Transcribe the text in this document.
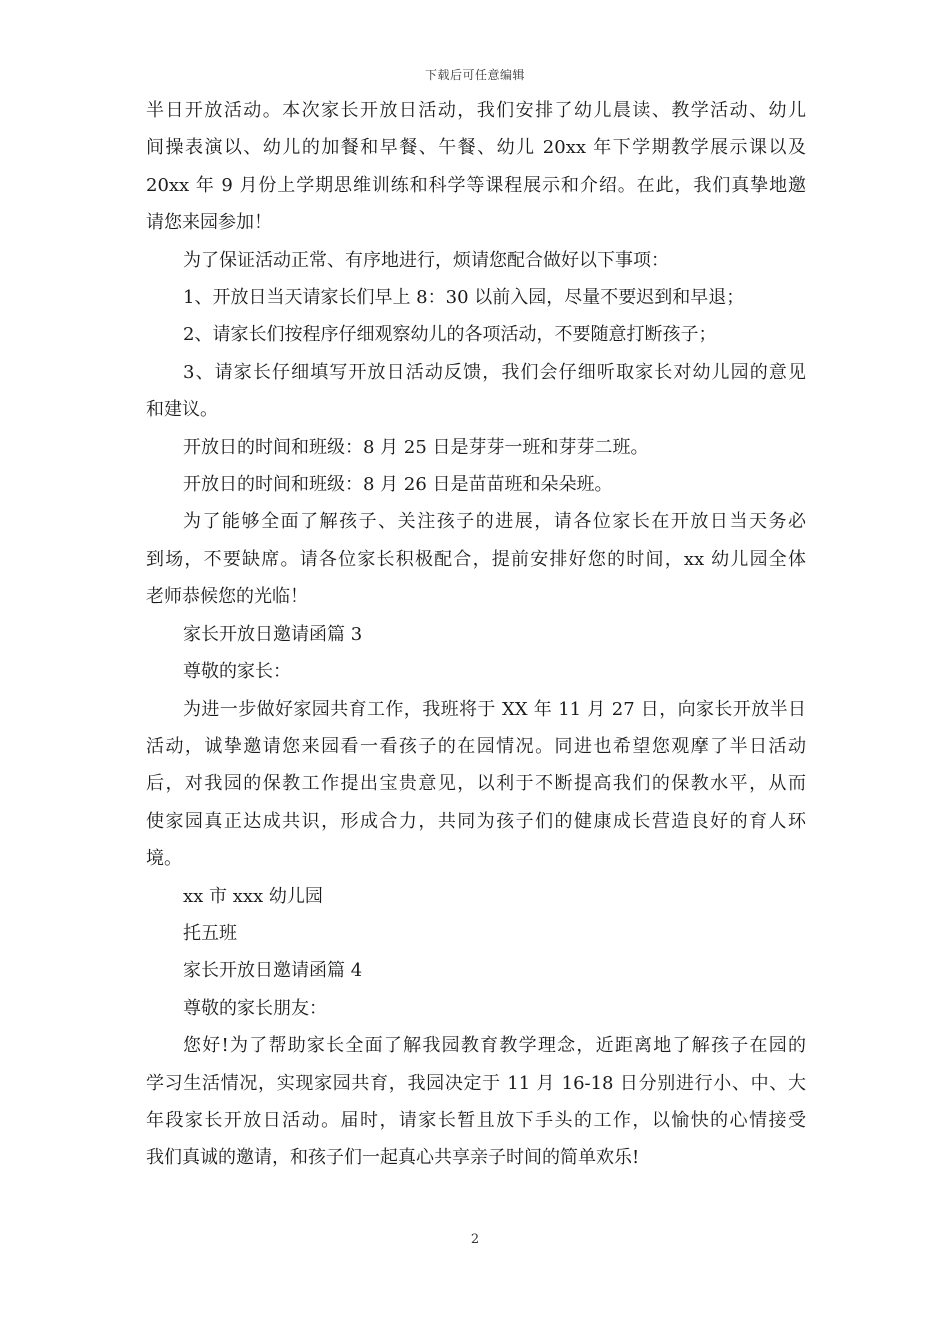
下载后可任意编辑
半日开放活动。本次家长开放日活动，我们安排了幼儿晨读、教学活动、幼儿
间操表演以、幼儿的加餐和早餐、午餐、幼儿 20xx 年下学期教学展示课以及
20xx 年 9 月份上学期思维训练和科学等课程展示和介绍。在此，我们真挚地邀
请您来园参加！
为了保证活动正常、有序地进行，烦请您配合做好以下事项：
1、开放日当天请家长们早上 8：30 以前入园，尽量不要迟到和早退；
2、请家长们按程序仔细观察幼儿的各项活动，不要随意打断孩子；
3、请家长仔细填写开放日活动反馈，我们会仔细听取家长对幼儿园的意见
和建议。
开放日的时间和班级：8 月 25 日是芽芽一班和芽芽二班。
开放日的时间和班级：8 月 26 日是苗苗班和朵朵班。
为了能够全面了解孩子、关注孩子的进展，请各位家长在开放日当天务必
到场，不要缺席。请各位家长积极配合，提前安排好您的时间，xx 幼儿园全体
老师恭候您的光临！
家长开放日邀请函篇 3
尊敬的家长：
为进一步做好家园共育工作，我班将于 XX 年 11 月 27 日，向家长开放半日
活动，诚挚邀请您来园看一看孩子的在园情况。同进也希望您观摩了半日活动
后，对我园的保教工作提出宝贵意见，以利于不断提高我们的保教水平，从而
使家园真正达成共识，形成合力，共同为孩子们的健康成长营造良好的育人环
境。
xx 市 xxx 幼儿园
托五班
家长开放日邀请函篇 4
尊敬的家长朋友：
您好!为了帮助家长全面了解我园教育教学理念，近距离地了解孩子在园的
学习生活情况，实现家园共育，我园决定于 11 月 16-18 日分别进行小、中、大
年段家长开放日活动。届时，请家长暂且放下手头的工作，以愉快的心情接受
我们真诚的邀请，和孩子们一起真心共享亲子时间的简单欢乐!
2
